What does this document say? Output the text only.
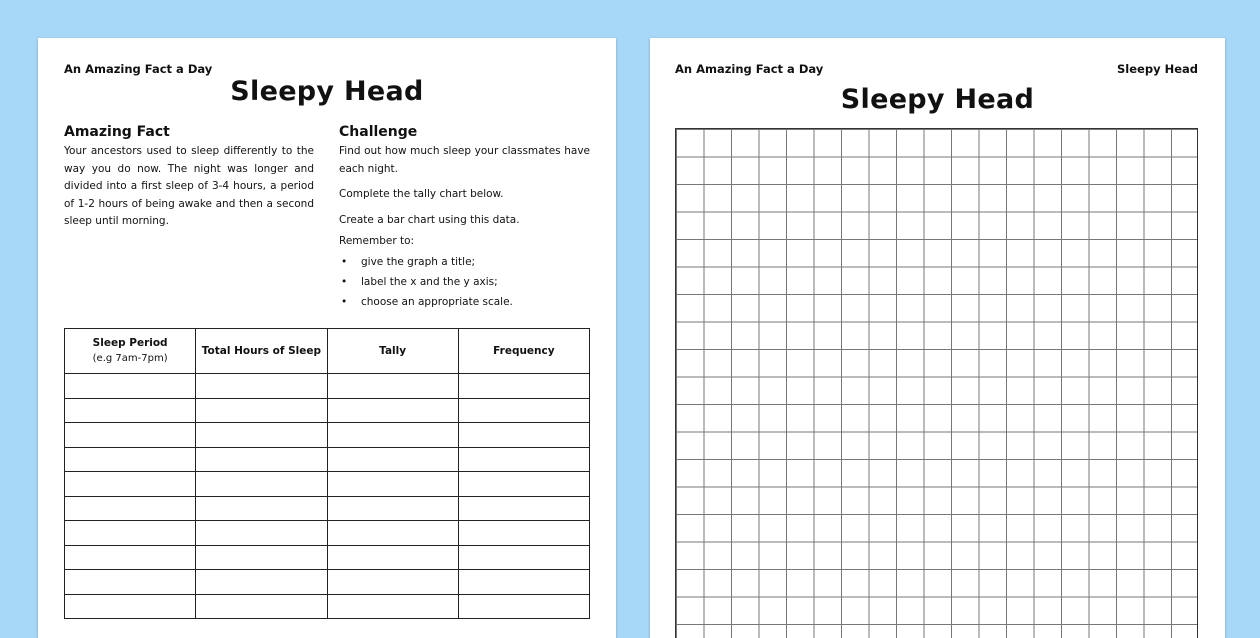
An Amazing Fact a Day
Sleepy Head
Amazing Fact
Your ancestors used to sleep differently to the way you do now. The night was longer and divided into a first sleep of 3-4 hours, a period of 1-2 hours of being awake and then a second sleep until morning.
Challenge
Find out how much sleep your classmates have each night.
Complete the tally chart below.
Create a bar chart using this data.
Remember to:
• give the graph a title;
• label the x and the y axis;
• choose an appropriate scale.
Sleep Period
(e.g 7am-7pm)	Total Hours of Sleep	Tally	Frequency

An Amazing Fact a Day	Sleepy Head
Sleepy Head
